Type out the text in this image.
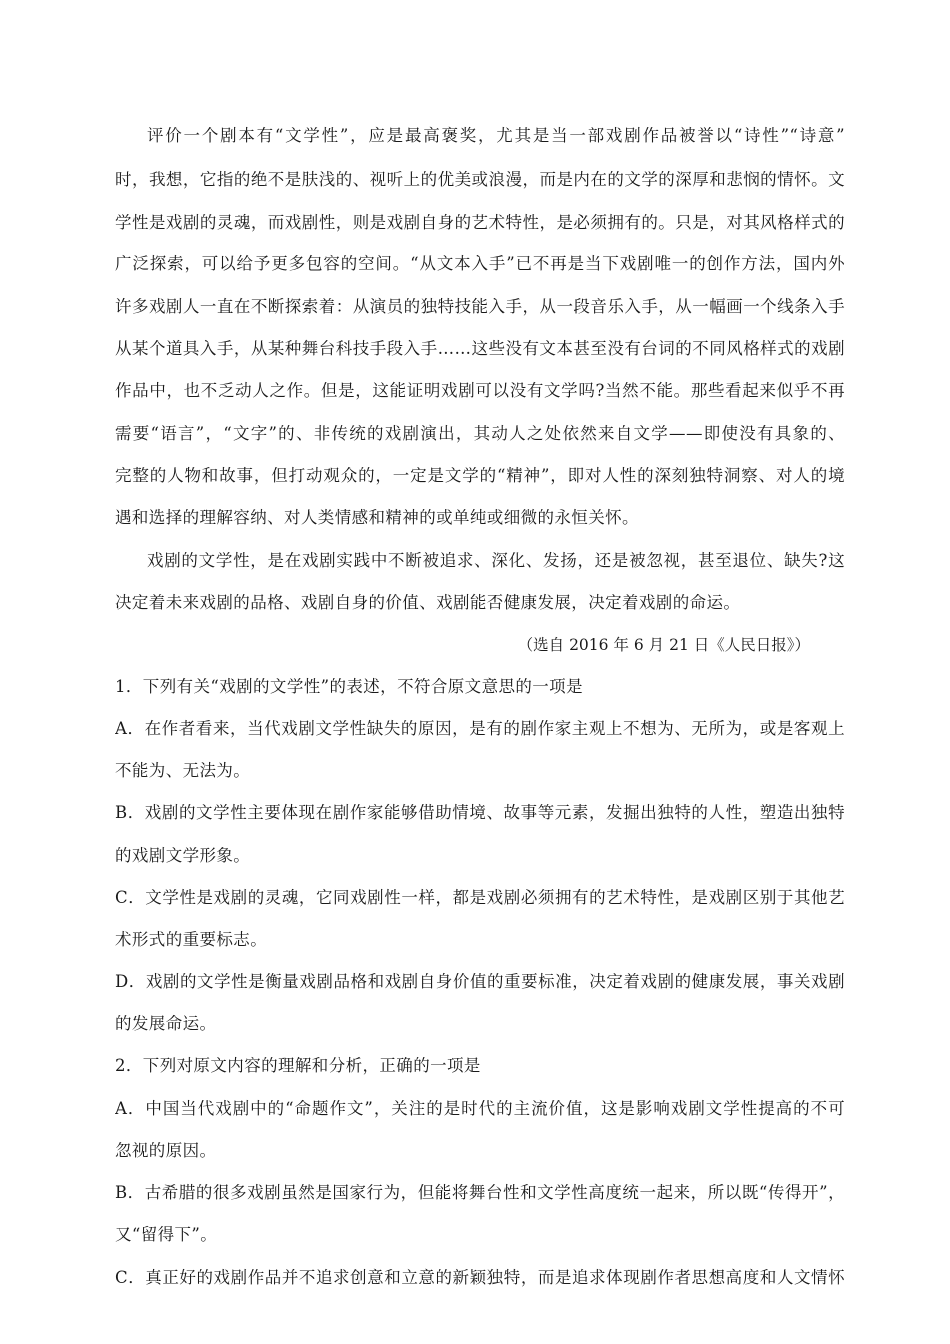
评价一个剧本有“文学性”，应是最高褒奖，尤其是当一部戏剧作品被誉以“诗性”“诗意”
时，我想，它指的绝不是肤浅的、视听上的优美或浪漫，而是内在的文学的深厚和悲悯的情怀。文
学性是戏剧的灵魂，而戏剧性，则是戏剧自身的艺术特性，是必须拥有的。只是，对其风格样式的
广泛探索，可以给予更多包容的空间。“从文本入手”已不再是当下戏剧唯一的创作方法，国内外
许多戏剧人一直在不断探索着：从演员的独特技能入手，从一段音乐入手，从一幅画一个线条入手
从某个道具入手，从某种舞台科技手段入手……这些没有文本甚至没有台词的不同风格样式的戏剧
作品中，也不乏动人之作。但是，这能证明戏剧可以没有文学吗?当然不能。那些看起来似乎不再
需要“语言”，“文字”的、非传统的戏剧演出，其动人之处依然来自文学——即使没有具象的、
完整的人物和故事，但打动观众的，一定是文学的“精神”，即对人性的深刻独特洞察、对人的境
遇和选择的理解容纳、对人类情感和精神的或单纯或细微的永恒关怀。
戏剧的文学性，是在戏剧实践中不断被追求、深化、发扬，还是被忽视，甚至退位、缺失?这
决定着未来戏剧的品格、戏剧自身的价值、戏剧能否健康发展，决定着戏剧的命运。
（选自 2016 年 6 月 21 日《人民日报》）
1．下列有关“戏剧的文学性”的表述，不符合原文意思的一项是
A．在作者看来，当代戏剧文学性缺失的原因，是有的剧作家主观上不想为、无所为，或是客观上
不能为、无法为。
B．戏剧的文学性主要体现在剧作家能够借助情境、故事等元素，发掘出独特的人性，塑造出独特
的戏剧文学形象。
C．文学性是戏剧的灵魂，它同戏剧性一样，都是戏剧必须拥有的艺术特性，是戏剧区别于其他艺
术形式的重要标志。
D．戏剧的文学性是衡量戏剧品格和戏剧自身价值的重要标准，决定着戏剧的健康发展，事关戏剧
的发展命运。
2．下列对原文内容的理解和分析，正确的一项是
A．中国当代戏剧中的“命题作文”，关注的是时代的主流价值，这是影响戏剧文学性提高的不可
忽视的原因。
B．古希腊的很多戏剧虽然是国家行为，但能将舞台性和文学性高度统一起来，所以既“传得开”，
又“留得下”。
C．真正好的戏剧作品并不追求创意和立意的新颖独特，而是追求体现剧作者思想高度和人文情怀
